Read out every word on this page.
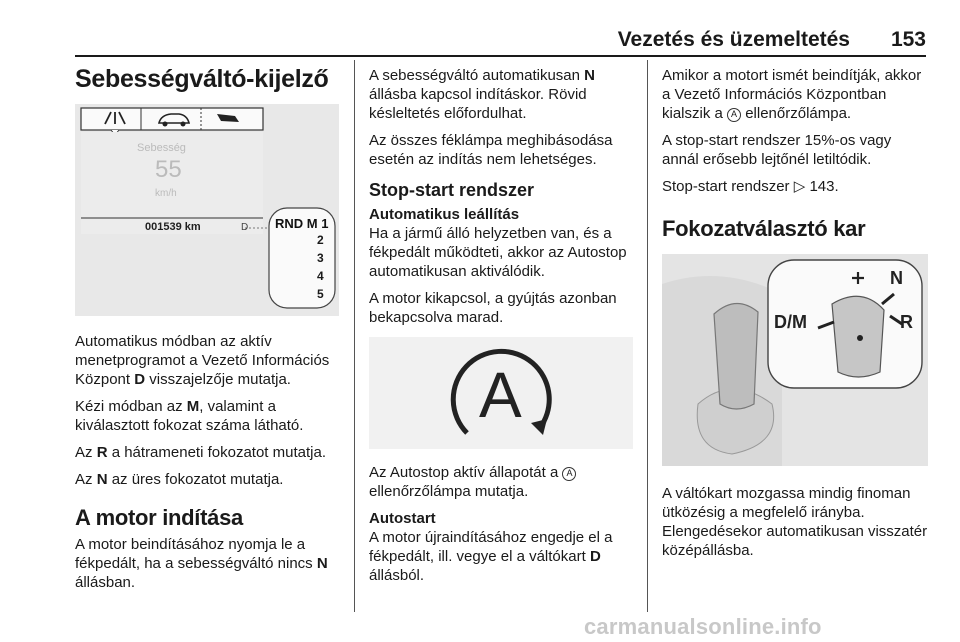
Vezetés és üzemeltetés 153
Sebességváltó-kijelző
Sebesség
55
km/h
001539 km	D RND M 1
2
3
4
5

Automatikus módban az aktív menetprogramot a Vezető Információs Központ D visszajelzője mutatja.

Kézi módban az M, valamint a kiválasztott fokozat száma látható.

Az R a hátrameneti fokozatot mutatja.

Az N az üres fokozatot mutatja.

A motor indítása

A motor beindításához nyomja le a fékpedált, ha a sebességváltó nincs N állásban.

A sebességváltó automatikusan N állásba kapcsol indításkor. Rövid késleltetés előfordulhat.

Az összes féklámpa meghibásodása esetén az indítás nem lehetséges.

Stop-start rendszer
Automatikus leállítás

Ha a jármű álló helyzetben van, és a fékpedált működteti, akkor az Autostop automatikusan aktiválódik.

A motor kikapcsol, a gyújtás azonban bekapcsolva marad.

A

Az Autostop aktív állapotát a A ellenőrzőlámpa mutatja.

Autostart

A motor újraindításához engedje el a fékpedált, ill. vegye el a váltókart D állásból.

Amikor a motort ismét beindítják, akkor a Vezető Információs Központban kialszik a A ellenőrzőlámpa.

A stop-start rendszer 15%-os vagy annál erősebb lejtőnél letiltódik.

Stop-start rendszer ▷ 143.

Fokozatválasztó kar
N
R
D/M

A váltókart mozgassa mindig finoman ütközésig a megfelelő irányba. Elengedésekor automatikusan visszatér középállásba.

carmanualsonline.info
